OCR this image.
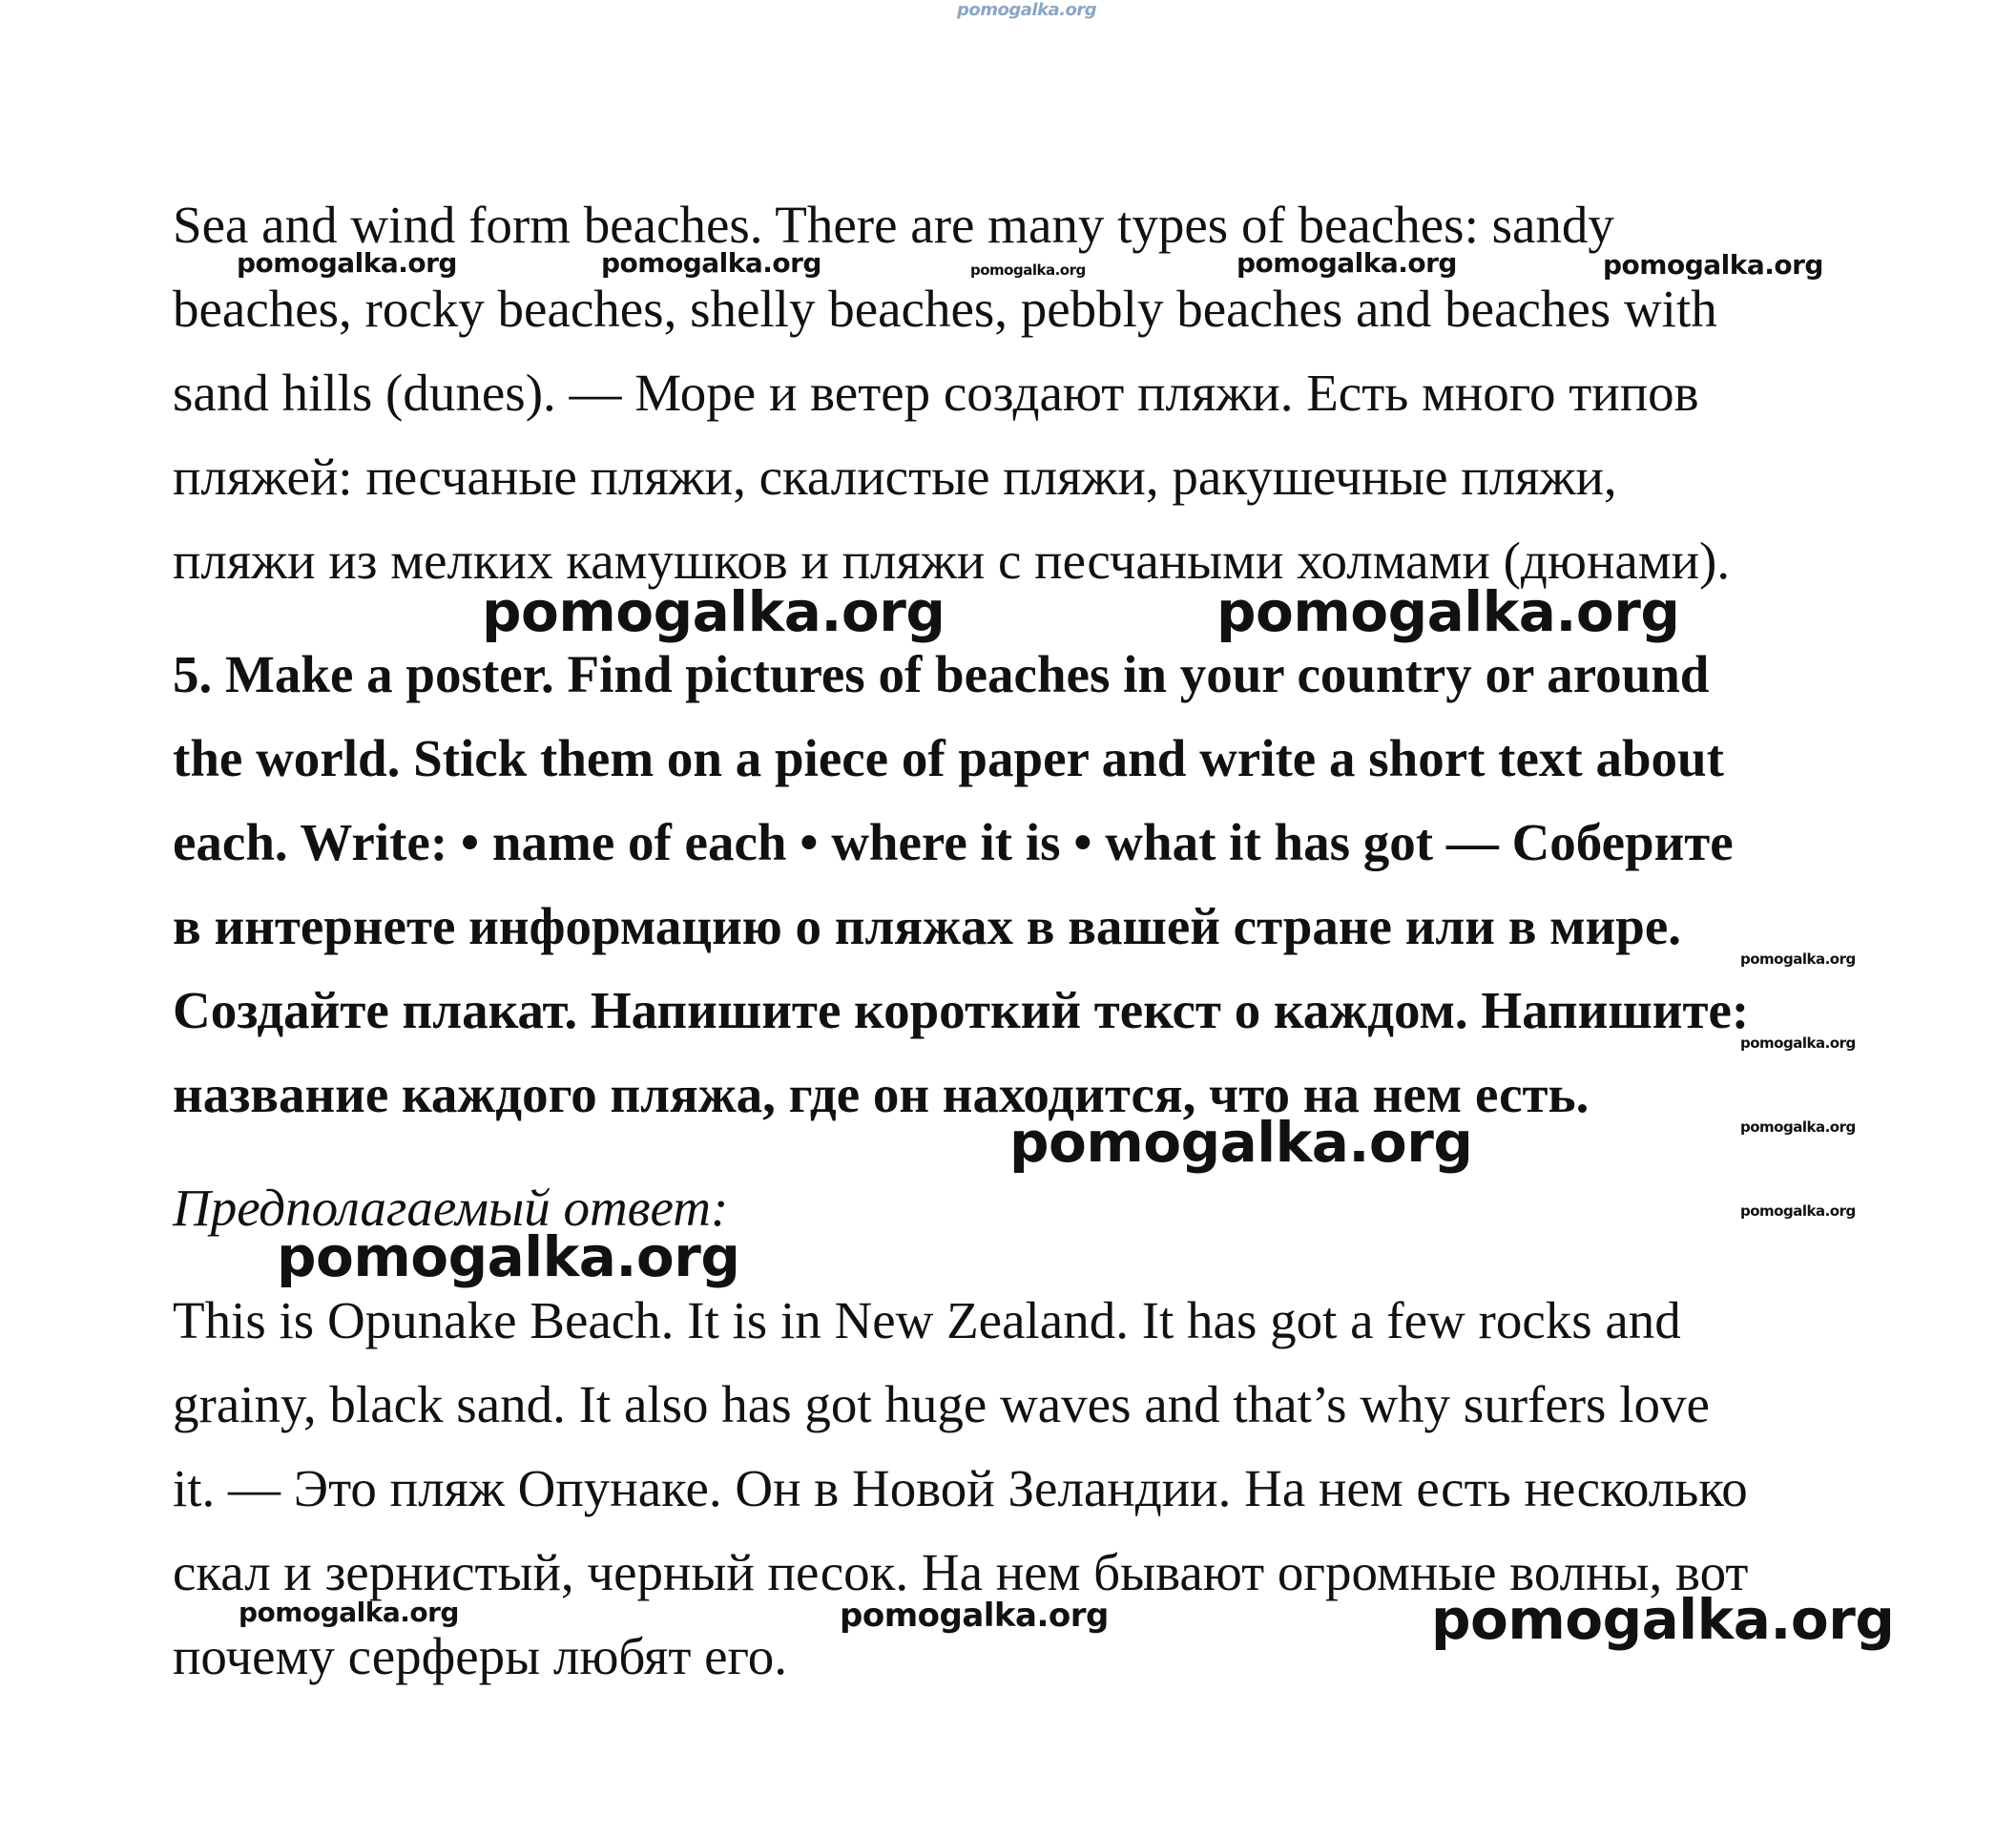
pomogalka.org
Sea and wind form beaches. There are many types of beaches: sandy
beaches, rocky beaches, shelly beaches, pebbly beaches and beaches with
sand hills (dunes). — Море и ветер создают пляжи. Есть много типов
пляжей: песчаные пляжи, скалистые пляжи, ракушечные пляжи,
пляжи из мелких камушков и пляжи с песчаными холмами (дюнами).
5. Make a poster. Find pictures of beaches in your country or around
the world. Stick them on a piece of paper and write a short text about
each. Write: • name of each • where it is • what it has got — Соберите
в интернете информацию о пляжах в вашей стране или в мире.
Создайте плакат. Напишите короткий текст о каждом. Напишите:
название каждого пляжа, где он находится, что на нем есть.
Предполагаемый ответ:
This is Opunake Beach. It is in New Zealand. It has got a few rocks and
grainy, black sand. It also has got huge waves and that’s why surfers love
it. — Это пляж Опунаке. Он в Новой Зеландии. На нем есть несколько
скал и зернистый, черный песок. На нем бывают огромные волны, вот
почему серферы любят его.
pomogalka.org	pomogalka.org	pomogalka.org	pomogalka.org	pomogalka.org
pomogalka.org	pomogalka.org
pomogalka.org
pomogalka.org
pomogalka.org
pomogalka.org
pomogalka.org
pomogalka.org
pomogalka.org	pomogalka.org	pomogalka.org
